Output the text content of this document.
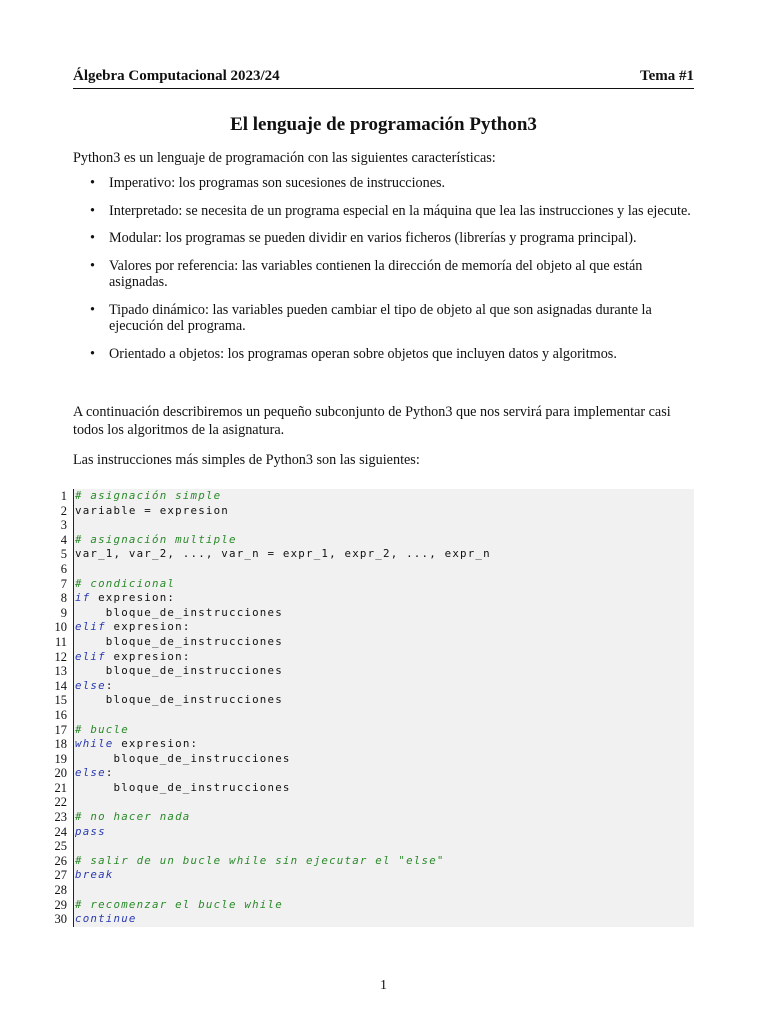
Álgebra Computacional 2023/24	Tema #1
El lenguaje de programación Python3
Python3 es un lenguaje de programación con las siguientes características:
• Imperativo: los programas son sucesiones de instrucciones.
• Interpretado: se necesita de un programa especial en la máquina que lea las instrucciones y las ejecute.
• Modular: los programas se pueden dividir en varios ficheros (librerías y programa principal).
• Valores por referencia: las variables contienen la dirección de memoría del objeto al que están asignadas.
• Tipado dinámico: las variables pueden cambiar el tipo de objeto al que son asignadas durante la ejecución del programa.
• Orientado a objetos: los programas operan sobre objetos que incluyen datos y algoritmos.
A continuación describiremos un pequeño subconjunto de Python3 que nos servirá para implementar casi todos los algoritmos de la asignatura.
Las instrucciones más simples de Python3 son las siguientes:
1 # asignación simple
2 variable = expresion
3
4 # asignación multiple
5 var_1, var_2, ..., var_n = expr_1, expr_2, ..., expr_n
6
7 # condicional
8 if expresion:
9 bloque_de_instrucciones
10 elif expresion:
11 bloque_de_instrucciones
12 elif expresion:
13 bloque_de_instrucciones
14 else:
15 bloque_de_instrucciones
16
17 # bucle
18 while expresion:
19 bloque_de_instrucciones
20 else:
21 bloque_de_instrucciones
22
23 # no hacer nada
24 pass
25
26 # salir de un bucle while sin ejecutar el "else"
27 break
28
29 # recomenzar el bucle while
30 continue
1
